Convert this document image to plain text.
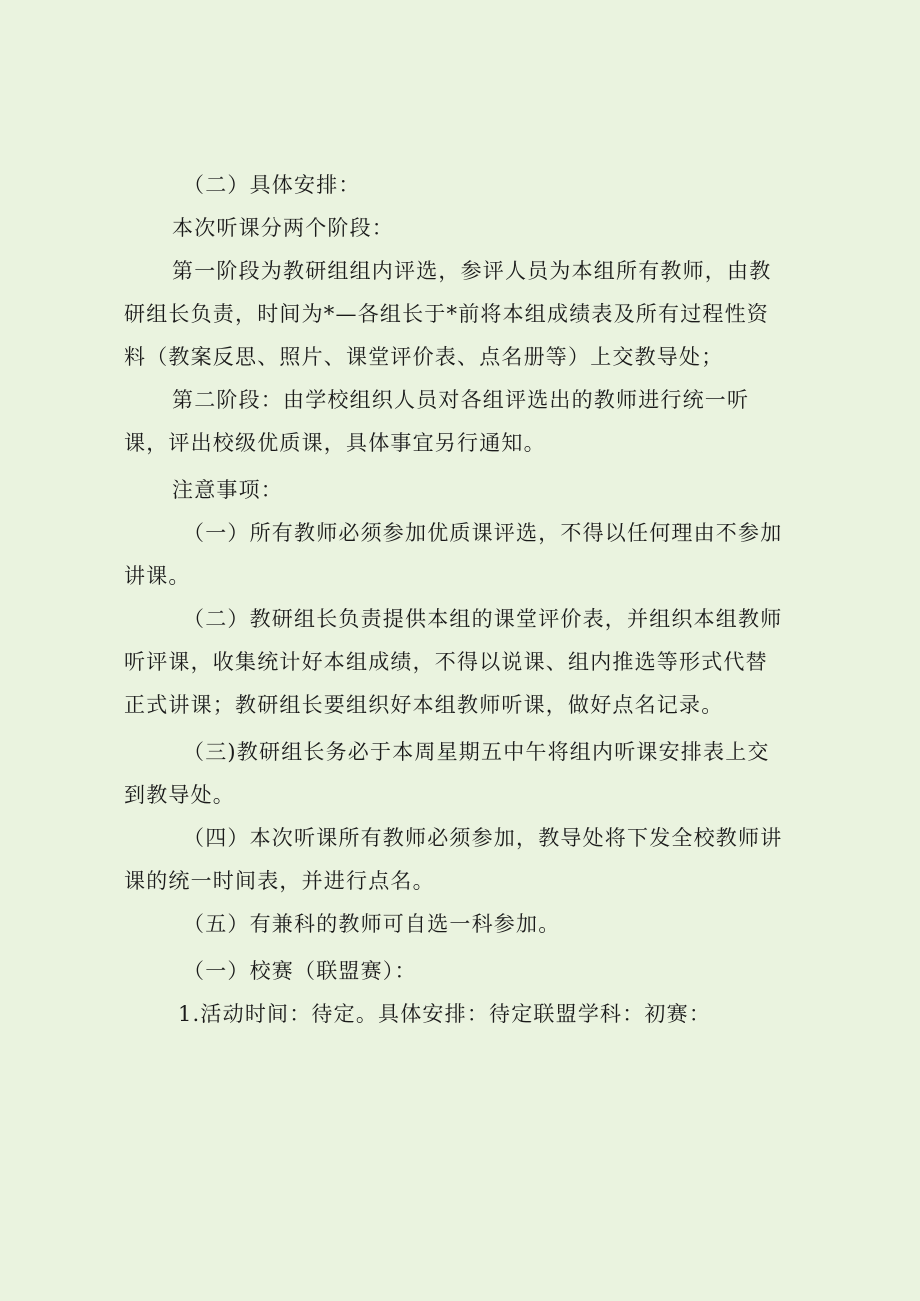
（二）具体安排：
本次听课分两个阶段：
第一阶段为教研组组内评选，参评人员为本组所有教师，由教
研组长负责，时间为*—各组长于*前将本组成绩表及所有过程性资
料（教案反思、照片、课堂评价表、点名册等）上交教导处；
第二阶段：由学校组织人员对各组评选出的教师进行统一听
课，评出校级优质课，具体事宜另行通知。
注意事项：
（一）所有教师必须参加优质课评选，不得以任何理由不参加
讲课。
（二）教研组长负责提供本组的课堂评价表，并组织本组教师
听评课，收集统计好本组成绩，不得以说课、组内推选等形式代替
正式讲课；教研组长要组织好本组教师听课，做好点名记录。
（三)教研组长务必于本周星期五中午将组内听课安排表上交
到教导处。
（四）本次听课所有教师必须参加，教导处将下发全校教师讲
课的统一时间表，并进行点名。
（五）有兼科的教师可自选一科参加。
（一）校赛（联盟赛）：
1.活动时间：待定。具体安排：待定联盟学科：初赛：
